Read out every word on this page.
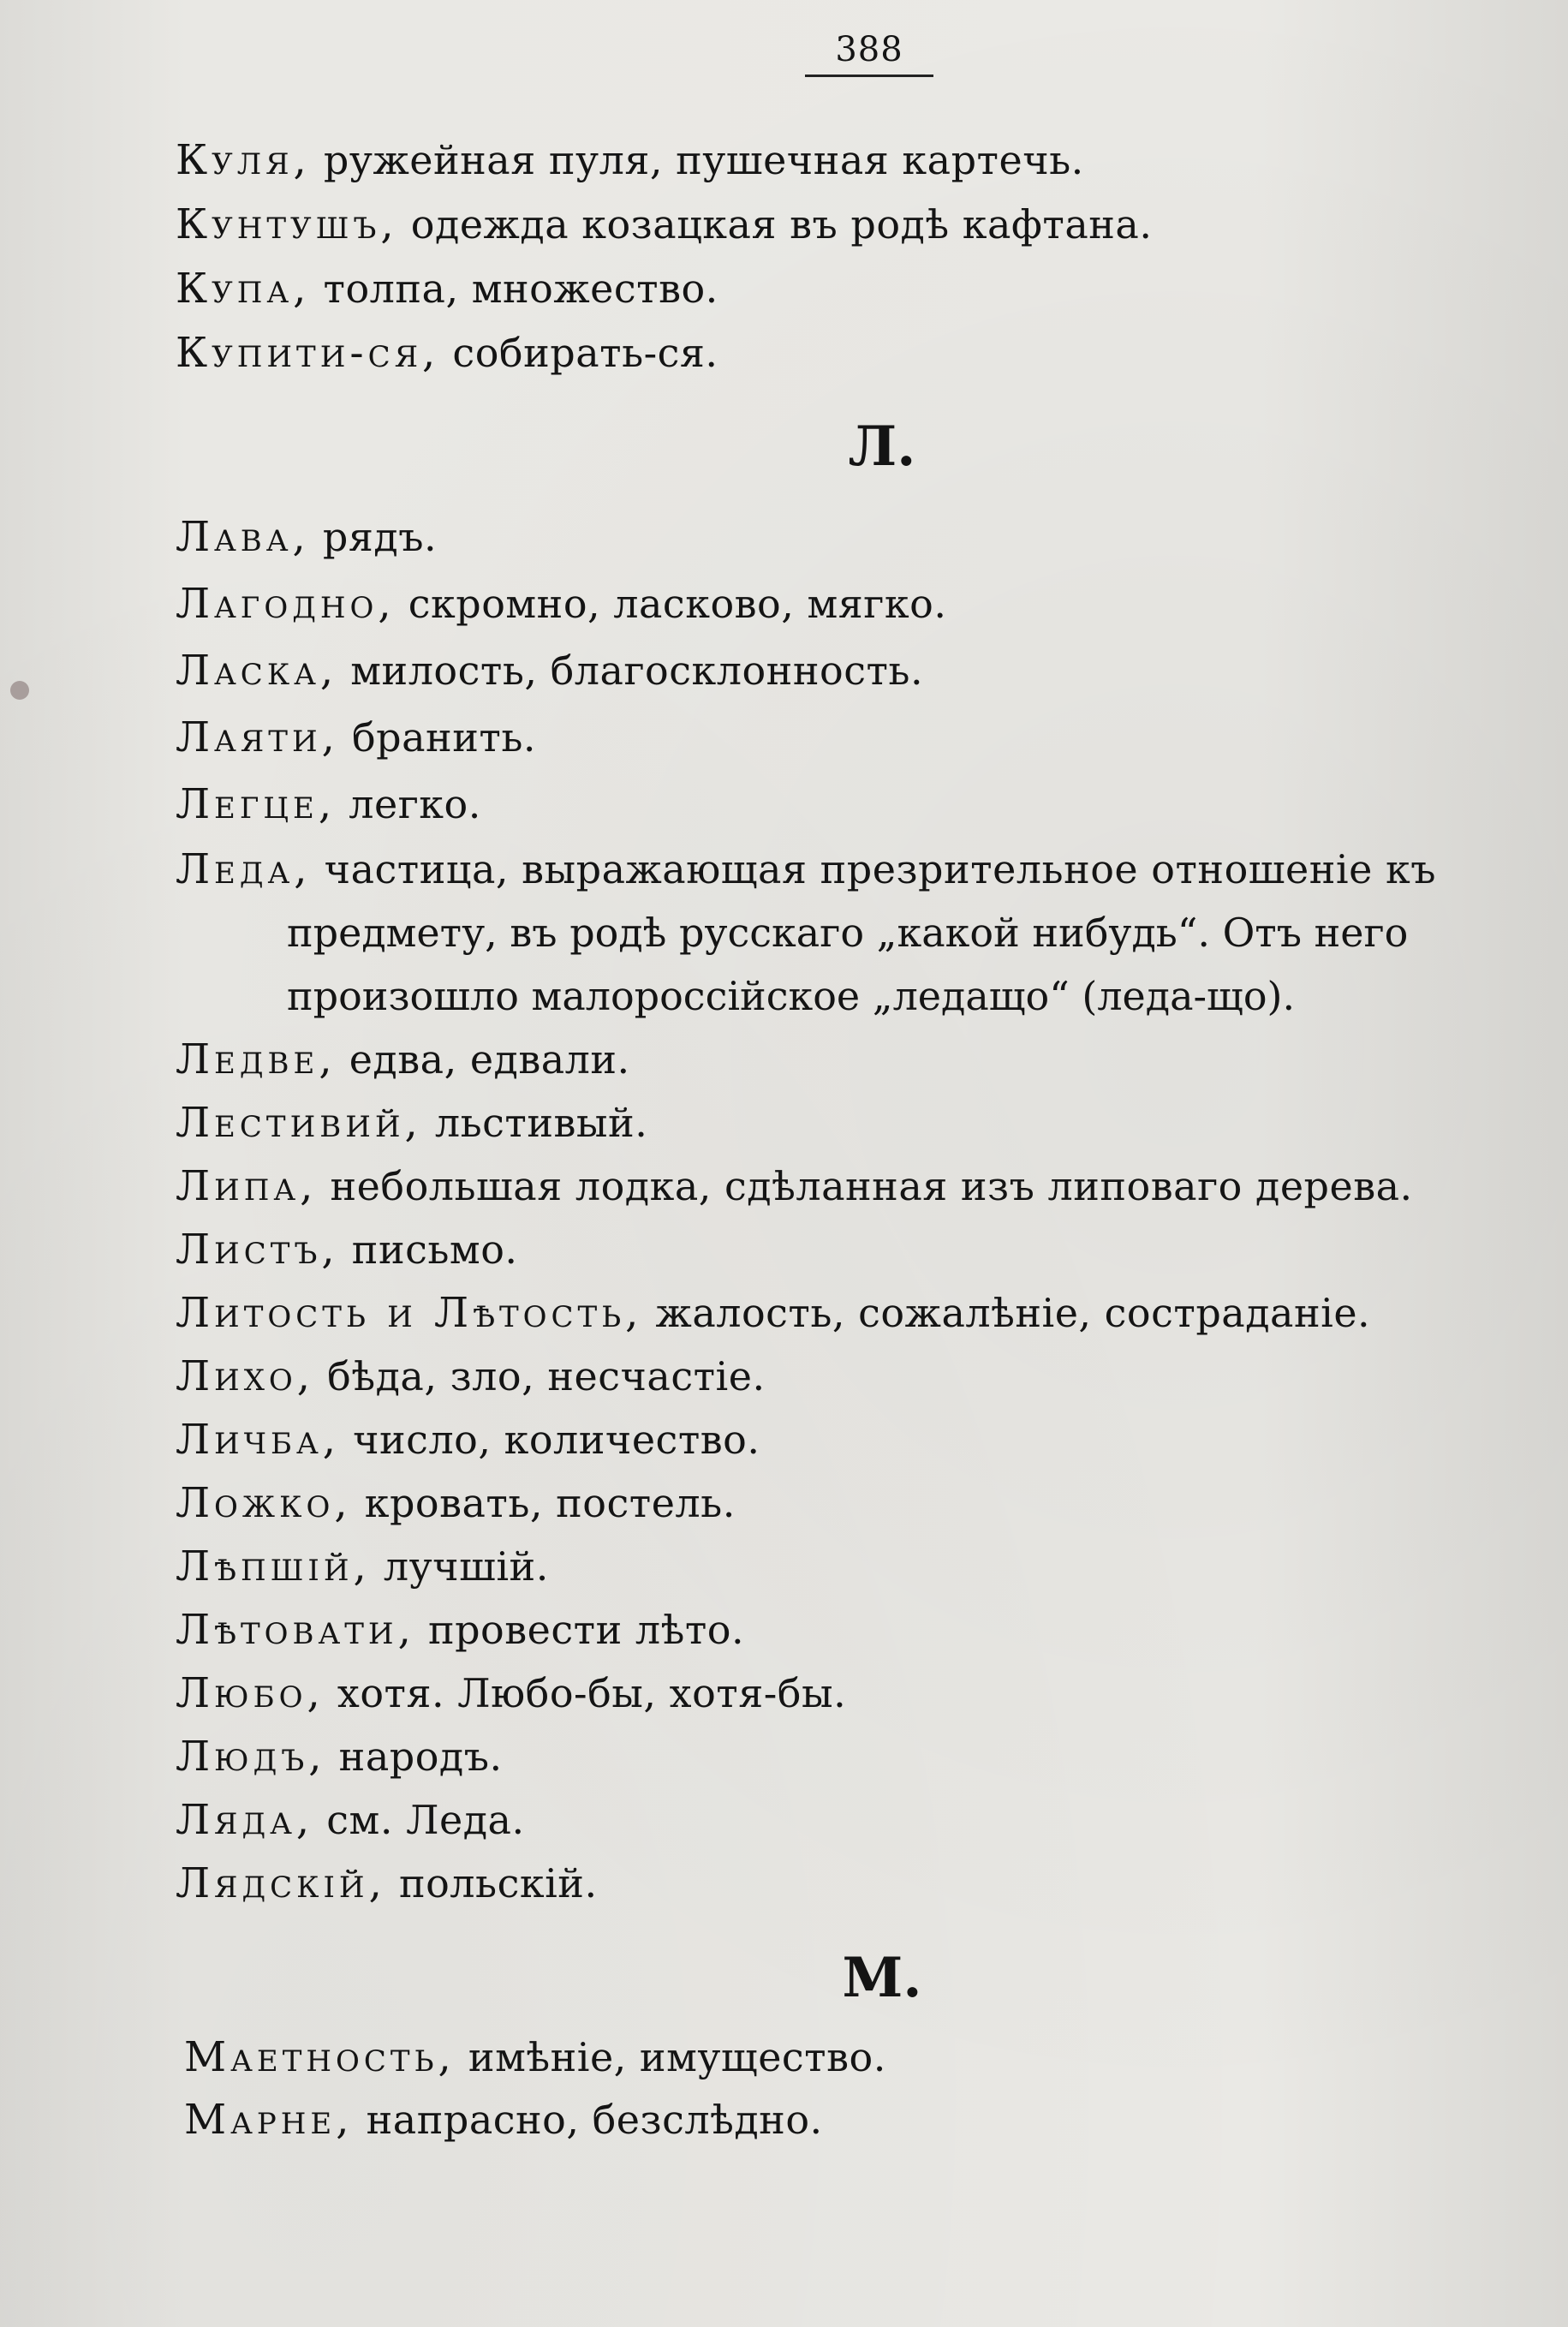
388
Куля, ружейная пуля, пушечная картечь.
Кунтушъ, одежда козацкая въ родѣ кафтана.
Купа, толпа, множество.
Купити-ся, собирать-ся.
Л.
Лава, рядъ.
Лагодно, скромно, ласково, мягко.
Ласка, милость, благосклонность.
Лаяти, бранить.
Легце, легко.
Леда, частица, выражающая презрительное отношенiе къ
предмету, въ родѣ русскаго „какой нибудь“. Отъ него
произошло малороссiйское „ледащо“ (леда-що).
Ледве, едва, едвали.
Лестивий, льстивый.
Липа, небольшая лодка, сдѣланная изъ липоваго дерева.
Листъ, письмо.
Литость и Лѣтость, жалость, сожалѣнiе, состраданiе.
Лихо, бѣда, зло, несчастiе.
Личба, число, количество.
Ложко, кровать, постель.
Лѣпшiй, лучшiй.
Лѣтовати, провести лѣто.
Любо, хотя. Любо-бы, хотя-бы.
Людъ, народъ.
Ляда, см. Леда.
Лядскiй, польскiй.
М.
Маетность, имѣнiе, имущество.
Марне, напрасно, безслѣдно.
